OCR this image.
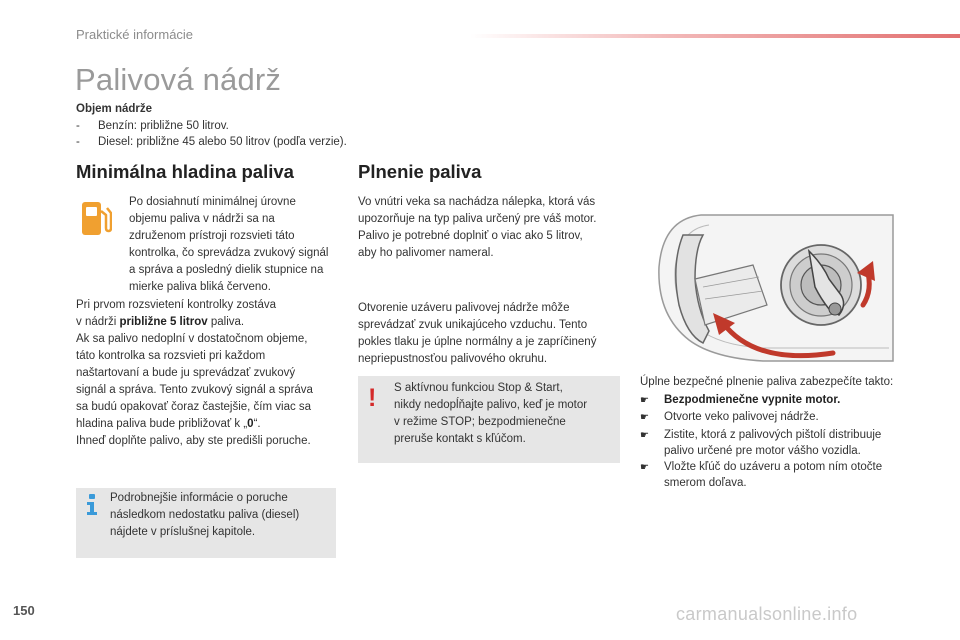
Praktické informácie
Palivová nádrž
Objem nádrže
- Benzín: približne 50 litrov.
- Diesel: približne 45 alebo 50 litrov (podľa verzie).
Minimálna hladina paliva
Po dosiahnutí minimálnej úrovne
objemu paliva v nádrži sa na
združenom prístroji rozsvieti táto
kontrolka, čo sprevádza zvukový signál
a správa a posledný dielik stupnice na
mierke paliva bliká červeno.
Pri prvom rozsvietení kontrolky zostáva
v nádrži približne 5 litrov paliva.
Ak sa palivo nedoplní v dostatočnom objeme,
táto kontrolka sa rozsvieti pri každom
naštartovaní a bude ju sprevádzať zvukový
signál a správa. Tento zvukový signál a správa
sa budú opakovať čoraz častejšie, čím viac sa
hladina paliva bude približovať k „0“.
Ihneď doplňte palivo, aby ste predišli poruche.
Podrobnejšie informácie o poruche
následkom nedostatku paliva (diesel)
nájdete v príslušnej kapitole.
Plnenie paliva
Vo vnútri veka sa nachádza nálepka, ktorá vás
upozorňuje na typ paliva určený pre váš motor.
Palivo je potrebné doplniť o viac ako 5 litrov,
aby ho palivomer nameral.
Otvorenie uzáveru palivovej nádrže môže
sprevádzať zvuk unikajúceho vzduchu. Tento
pokles tlaku je úplne normálny a je zapríčinený
nepriepustnosťou palivového okruhu.
! S aktívnou funkciou Stop & Start,
nikdy nedopĺňajte palivo, keď je motor
v režime STOP; bezpodmienečne
preruše kontakt s kľúčom.
Úplne bezpečné plnenie paliva zabezpečíte takto:
☛ Bezpodmienečne vypnite motor.
☛ Otvorte veko palivovej nádrže.
☛ Zistite, ktorá z palivových pištolí distribuuje
palivo určené pre motor vášho vozidla.
☛ Vložte kľúč do uzáveru a potom ním otočte
smerom doľava.
150	carmanualsonline.info
